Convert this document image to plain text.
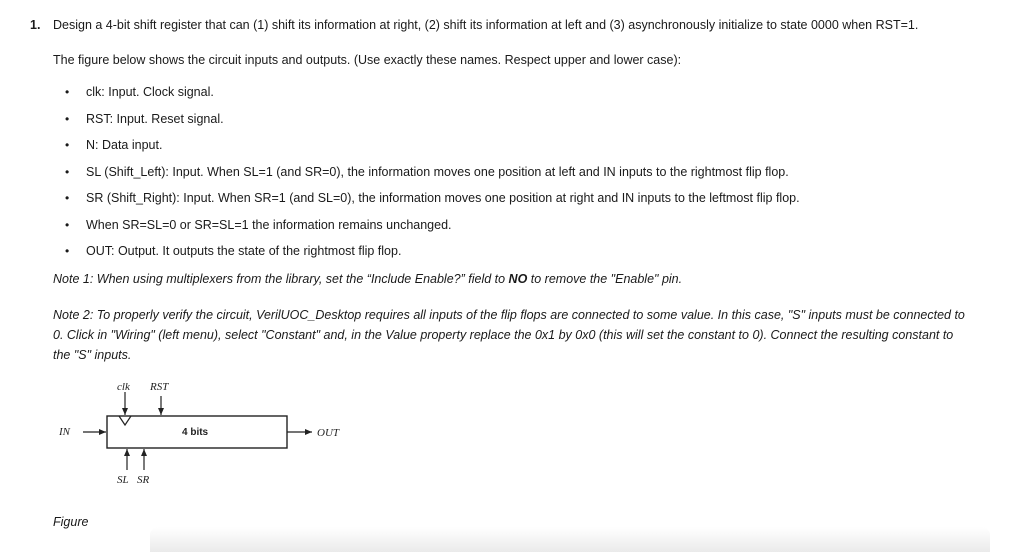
1. Design a 4-bit shift register that can (1) shift its information at right, (2) shift its information at left and (3) asynchronously initialize to state 0000 when RST=1.
The figure below shows the circuit inputs and outputs. (Use exactly these names. Respect upper and lower case):
• clk: Input. Clock signal.
• RST: Input. Reset signal.
• N: Data input.
• SL (Shift_Left): Input. When SL=1 (and SR=0), the information moves one position at left and IN inputs to the rightmost flip flop.
• SR (Shift_Right): Input. When SR=1 (and SL=0), the information moves one position at right and IN inputs to the leftmost flip flop.
• When SR=SL=0 or SR=SL=1 the information remains unchanged.
• OUT: Output. It outputs the state of the rightmost flip flop.
Note 1: When using multiplexers from the library, set the “Include Enable?” field to NO to remove the "Enable" pin.
Note 2: To properly verify the circuit, VerilUOC_Desktop requires all inputs of the flip flops are connected to some value. In this case, "S" inputs must be connected to 0. Click in "Wiring" (left menu), select "Constant" and, in the Value property replace the 0x1 by 0x0 (this will set the constant to 0). Connect the resulting constant to the "S" inputs.
clk RST
IN	OUT
4 bits
SL SR
Figure
